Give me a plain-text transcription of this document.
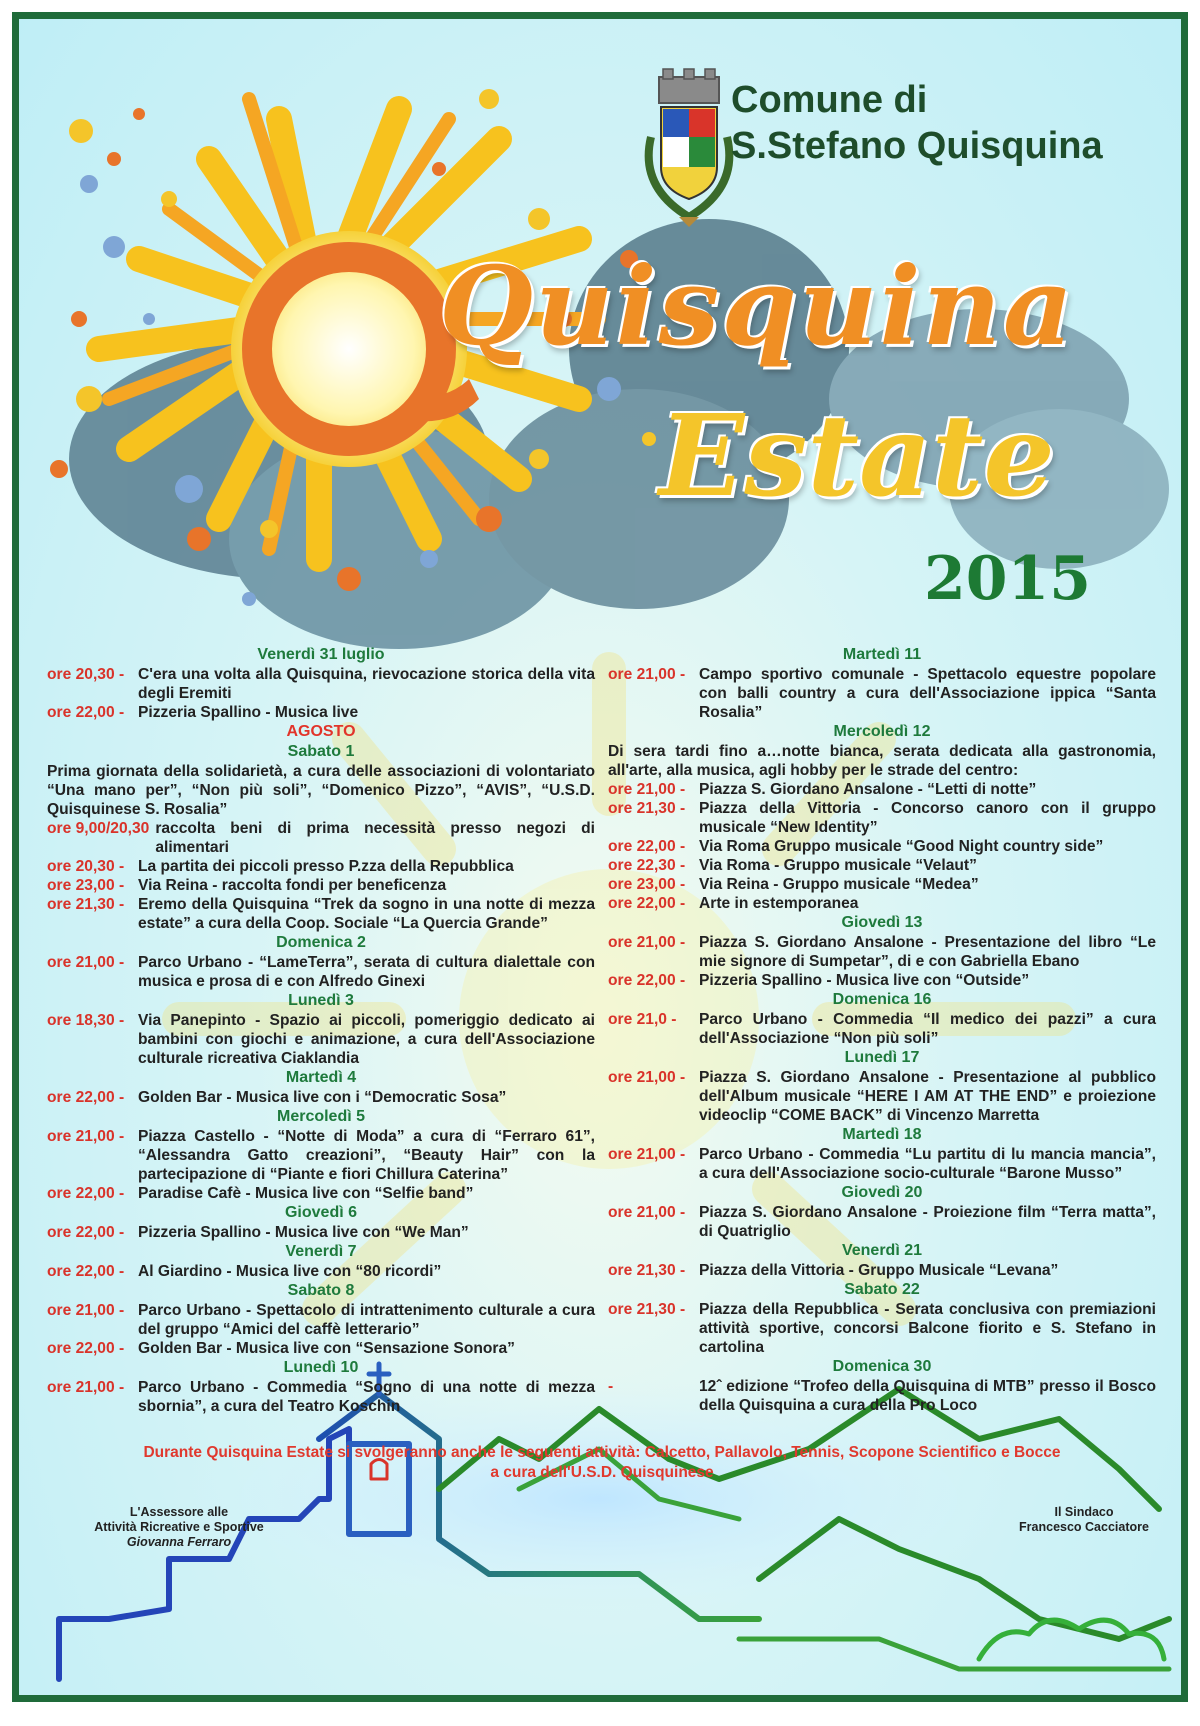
Comune di
S.Stefano Quisquina
Quisquina
Estate
2015
Venerdì 31 luglio
ore 20,30 - C'era una volta alla Quisquina, rievocazione storica della vita degli Eremiti
ore 22,00 - Pizzeria Spallino - Musica live
AGOSTO
Sabato 1
Prima giornata della solidarietà, a cura delle associazioni di volontariato “Una mano per”, “Non più soli”, “Domenico Pizzo”, “AVIS”, “U.S.D. Quisquinese S. Rosalia”
ore 9,00/20,30 raccolta beni di prima necessità presso negozi di alimentari
ore 20,30 - La partita dei piccoli presso P.zza della Repubblica
ore 23,00 - Via Reina - raccolta fondi per beneficenza
ore 21,30 - Eremo della Quisquina “Trek da sogno in una notte di mezza estate” a cura della Coop. Sociale “La Quercia Grande”
Domenica 2
ore 21,00 - Parco Urbano - “LameTerra”, serata di cultura dialettale con musica e prosa di e con Alfredo Ginexi
Lunedì 3
ore 18,30 - Via Panepinto - Spazio ai piccoli, pomeriggio dedicato ai bambini con giochi e animazione, a cura dell'Associazione culturale ricreativa Ciaklandia
Martedì 4
ore 22,00 - Golden Bar - Musica live con i “Democratic Sosa”
Mercoledì 5
ore 21,00 - Piazza Castello - “Notte di Moda” a cura di “Ferraro 61”, “Alessandra Gatto creazioni”, “Beauty Hair” con la partecipazione di “Piante e fiori Chillura Caterina”
ore 22,00 - Paradise Cafè - Musica live con “Selfie band”
Giovedì 6
ore 22,00 - Pizzeria Spallino - Musica live con “We Man”
Venerdì 7
ore 22,00 - Al Giardino - Musica live con “80 ricordi”
Sabato 8
ore 21,00 - Parco Urbano - Spettacolo di intrattenimento culturale a cura del gruppo “Amici del caffè letterario”
ore 22,00 - Golden Bar - Musica live con “Sensazione Sonora”
Lunedì 10
ore 21,00 - Parco Urbano - Commedia “Sogno di una notte di mezza sbornia”, a cura del Teatro Koschin
Martedì 11
ore 21,00 - Campo sportivo comunale - Spettacolo equestre popolare con balli country a cura dell'Associazione ippica “Santa Rosalia”
Mercoledì 12
Di sera tardi fino a…notte bianca, serata dedicata alla gastronomia, all'arte, alla musica, agli hobby per le strade del centro:
ore 21,00 - Piazza S. Giordano Ansalone - “Letti di notte”
ore 21,30 - Piazza della Vittoria - Concorso canoro con il gruppo musicale “New Identity”
ore 22,00 - Via Roma Gruppo musicale “Good Night country side”
ore 22,30 - Via Roma - Gruppo musicale “Velaut”
ore 23,00 - Via Reina - Gruppo musicale “Medea”
ore 22,00 - Arte in estemporanea
Giovedì 13
ore 21,00 - Piazza S. Giordano Ansalone - Presentazione del libro “Le mie signore di Sumpetar”, di e con Gabriella Ebano
ore 22,00 - Pizzeria Spallino - Musica live con “Outside”
Domenica 16
ore 21,0 -	Parco Urbano - Commedia “Il medico dei pazzi” a cura dell'Associazione “Non più soli”
Lunedì 17
ore 21,00 - Piazza S. Giordano Ansalone - Presentazione al pubblico dell'Album musicale “HERE I AM AT THE END” e proiezione videoclip “COME BACK” di Vincenzo Marretta
Martedì 18
ore 21,00 - Parco Urbano - Commedia “Lu partitu di lu mancia mancia”, a cura dell'Associazione socio-culturale “Barone Musso”
Giovedì 20
ore 21,00 - Piazza S. Giordano Ansalone - Proiezione film “Terra matta”, di Quatriglio
Venerdì 21
ore 21,30 - Piazza della Vittoria - Gruppo Musicale “Levana”
Sabato 22
ore 21,30 - Piazza della Repubblica - Serata conclusiva con premiazioni attività sportive, concorsi Balcone fiorito e S. Stefano in cartolina
Domenica 30
-	12ˆ edizione “Trofeo della Quisquina di MTB” presso il Bosco della Quisquina a cura della Pro Loco
Durante Quisquina Estate si svolgeranno anche le seguenti attività: Calcetto, Pallavolo, Tennis, Scopone Scientifico e Bocce
a cura dell'U.S.D. Quisquinese
L'Assessore alle
Attività Ricreative e Sportive
Giovanna Ferraro
Il Sindaco
Francesco Cacciatore
